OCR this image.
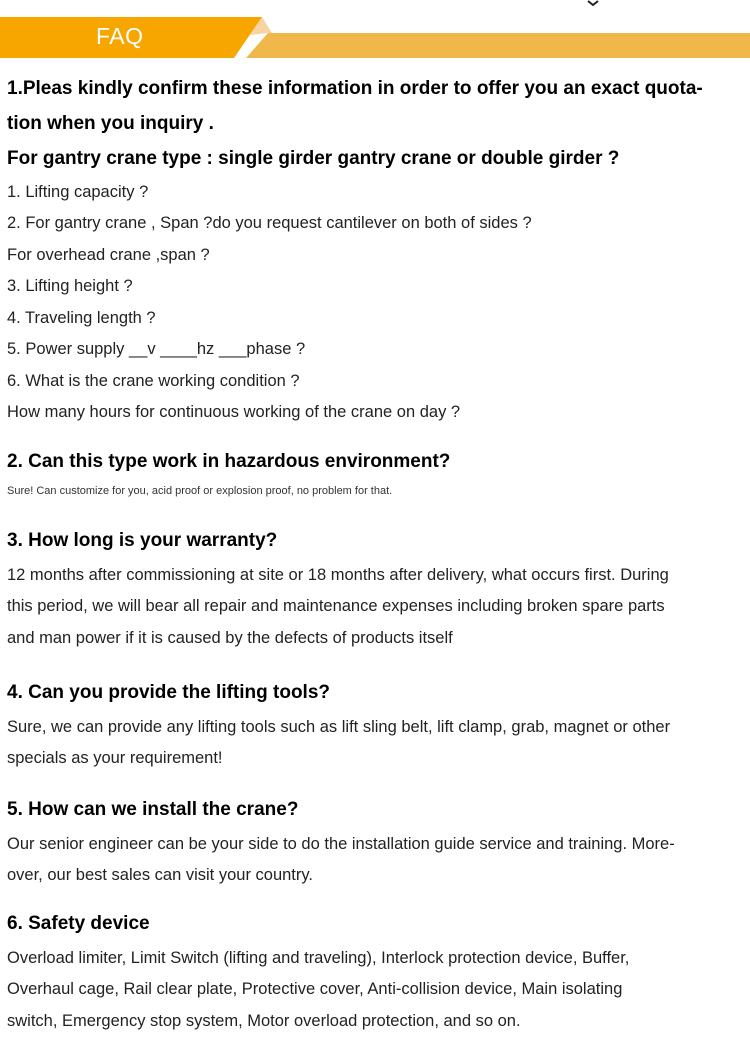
FAQ
1.Pleas kindly confirm these information in order to offer you an exact quota-
tion when you inquiry .
For gantry crane type : single girder gantry crane or double girder ?
1. Lifting capacity ?
2. For gantry crane , Span ?do you request cantilever on both of sides ?
For overhead crane ,span ?
3. Lifting height ?
4. Traveling length ?
5. Power supply __v ____hz ___phase ?
6. What is the crane working condition ?
How many hours for continuous working of the crane on day ?
2. Can this type work in hazardous environment?
Sure! Can customize for you, acid proof or explosion proof, no problem for that.
3. How long is your warranty?
12 months after commissioning at site or 18 months after delivery, what occurs first. During
this period, we will bear all repair and maintenance expenses including broken spare parts
and man power if it is caused by the defects of products itself
4. Can you provide the lifting tools?
Sure, we can provide any lifting tools such as lift sling belt, lift clamp, grab, magnet or other
specials as your requirement!
5. How can we install the crane?
Our senior engineer can be your side to do the installation guide service and training. More-
over, our best sales can visit your country.
6. Safety device
Overload limiter, Limit Switch (lifting and traveling), Interlock protection device, Buffer,
Overhaul cage, Rail clear plate, Protective cover, Anti-collision device, Main isolating
switch, Emergency stop system, Motor overload protection, and so on.
